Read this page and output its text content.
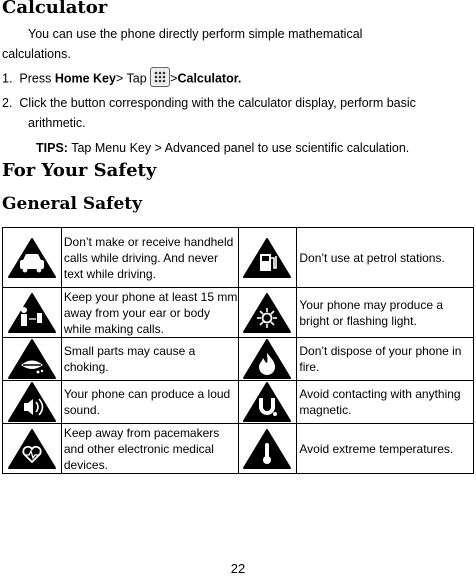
Calculator
You can use the phone directly perform simple mathematical
calculations.
1. Press Home Key> Tap >Calculator.
2. Click the button corresponding with the calculator display, perform basic
arithmetic.
TIPS: Tap Menu Key > Advanced panel to use scientific calculation.
For Your Safety
General Safety
	Don’t make or receive handheld calls while driving. And never text while driving.		Don’t use at petrol stations.

	Keep your phone at least 15 mm away from your ear or body while making calls.		Your phone may produce a bright or flashing light.

	Small parts may cause a choking.		Don’t dispose of your phone in fire.

	Your phone can produce a loud sound.		Avoid contacting with anything magnetic.

	Keep away from pacemakers and other electronic medical devices.		Avoid extreme temperatures.
22
